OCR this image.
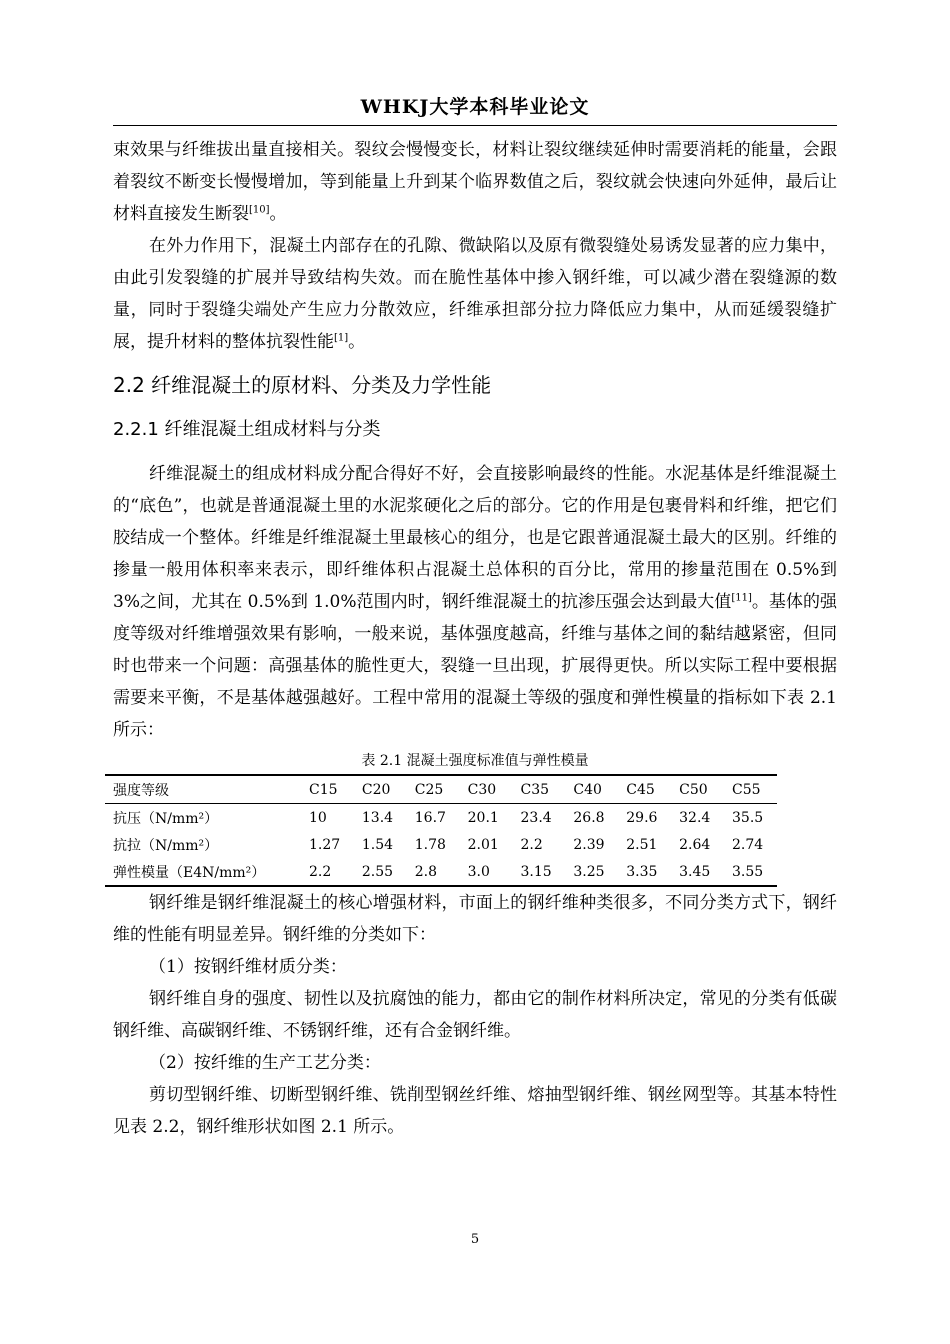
WHKJ大学本科毕业论文

束效果与纤维拔出量直接相关。裂纹会慢慢变长，材料让裂纹继续延伸时需要消耗的能量，会跟着裂纹不断变长慢慢增加，等到能量上升到某个临界数值之后，裂纹就会快速向外延伸，最后让材料直接发生断裂[10]。

在外力作用下，混凝土内部存在的孔隙、微缺陷以及原有微裂缝处易诱发显著的应力集中，由此引发裂缝的扩展并导致结构失效。而在脆性基体中掺入钢纤维，可以减少潜在裂缝源的数量，同时于裂缝尖端处产生应力分散效应，纤维承担部分拉力降低应力集中，从而延缓裂缝扩展，提升材料的整体抗裂性能[1]。

2.2 纤维混凝土的原材料、分类及力学性能
2.2.1 纤维混凝土组成材料与分类

纤维混凝土的组成材料成分配合得好不好，会直接影响最终的性能。水泥基体是纤维混凝土的“底色”，也就是普通混凝土里的水泥浆硬化之后的部分。它的作用是包裹骨料和纤维，把它们胶结成一个整体。纤维是纤维混凝土里最核心的组分，也是它跟普通混凝土最大的区别。纤维的掺量一般用体积率来表示，即纤维体积占混凝土总体积的百分比，常用的掺量范围在 0.5%到 3%之间，尤其在 0.5%到 1.0%范围内时，钢纤维混凝土的抗渗压强会达到最大值[11]。基体的强度等级对纤维增强效果有影响，一般来说，基体强度越高，纤维与基体之间的黏结越紧密，但同时也带来一个问题：高强基体的脆性更大，裂缝一旦出现，扩展得更快。所以实际工程中要根据需要来平衡，不是基体越强越好。工程中常用的混凝土等级的强度和弹性模量的指标如下表 2.1所示：

表 2.1 混凝土强度标准值与弹性模量
强度等级	C15	C20	C25	C30	C35	C40	C45	C50	C55
抗压（N/mm²）	10	13.4	16.7	20.1	23.4	26.8	29.6	32.4	35.5
抗拉（N/mm²）	1.27	1.54	1.78	2.01	2.2	2.39	2.51	2.64	2.74
弹性模量（E4N/mm²）	2.2	2.55	2.8	3.0	3.15	3.25	3.35	3.45	3.55

钢纤维是钢纤维混凝土的核心增强材料，市面上的钢纤维种类很多，不同分类方式下，钢纤维的性能有明显差异。钢纤维的分类如下：

（1）按钢纤维材质分类：

钢纤维自身的强度、韧性以及抗腐蚀的能力，都由它的制作材料所决定，常见的分类有低碳钢纤维、高碳钢纤维、不锈钢纤维，还有合金钢纤维。

（2）按纤维的生产工艺分类：

剪切型钢纤维、切断型钢纤维、铣削型钢丝纤维、熔抽型钢纤维、钢丝网型等。其基本特性见表 2.2，钢纤维形状如图 2.1 所示。

5
